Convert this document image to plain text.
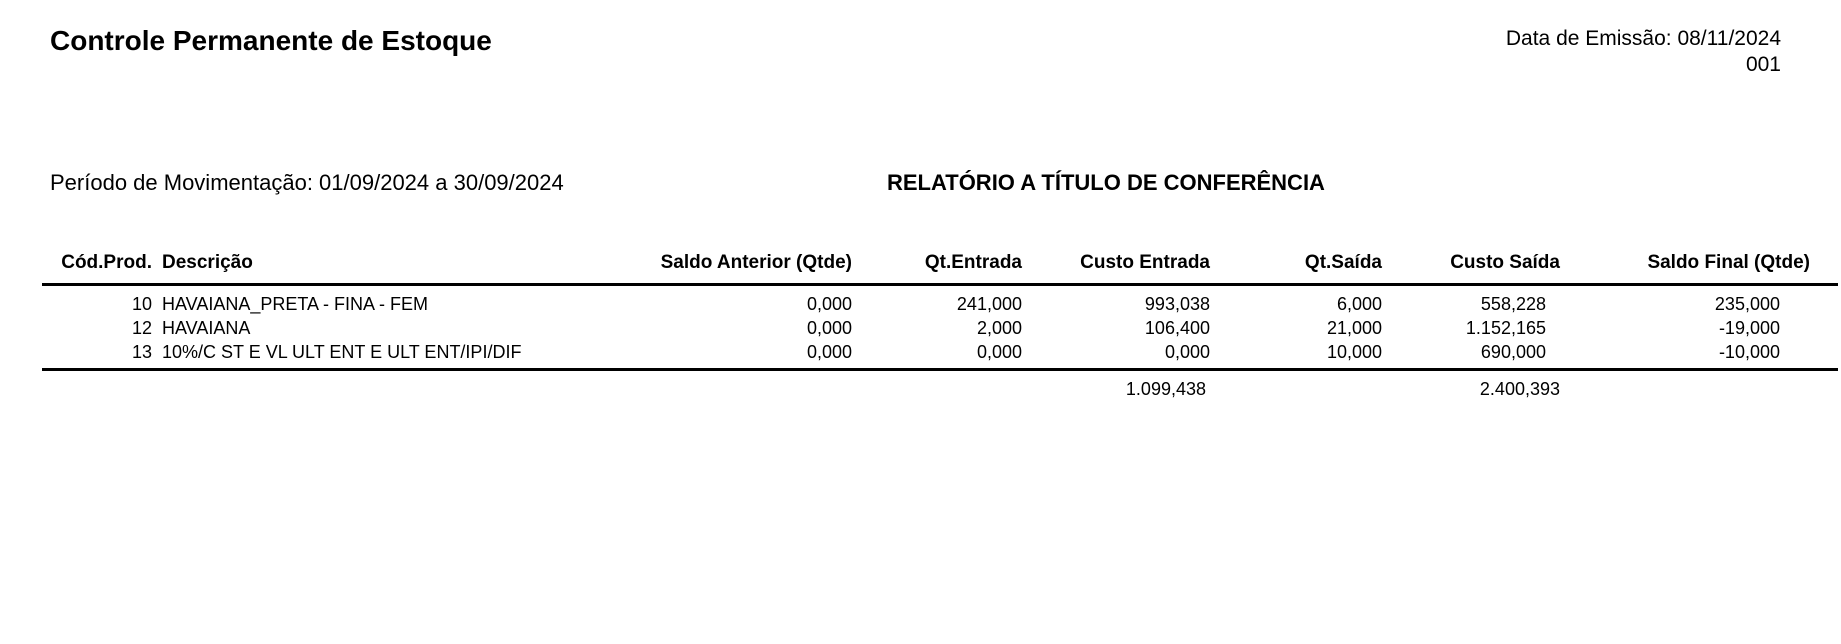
Controle Permanente de Estoque	Data de Emissão: 08/11/2024
001
Período de Movimentação: 01/09/2024 a 30/09/2024	RELATÓRIO A TÍTULO DE CONFERÊNCIA
Cód.Prod.	Descrição	Saldo Anterior (Qtde)	Qt.Entrada	Custo Entrada	Qt.Saída	Custo Saída	Saldo Final (Qtde)
10	HAVAIANA_PRETA - FINA - FEM	0,000	241,000	993,038	6,000	558,228	235,000
12	HAVAIANA	0,000	2,000	106,400	21,000	1.152,165	-19,000
13	10%/C ST E VL ULT ENT E ULT ENT/IPI/DIF	0,000	0,000	0,000	10,000	690,000	-10,000
				1.099,438		2.400,393	
